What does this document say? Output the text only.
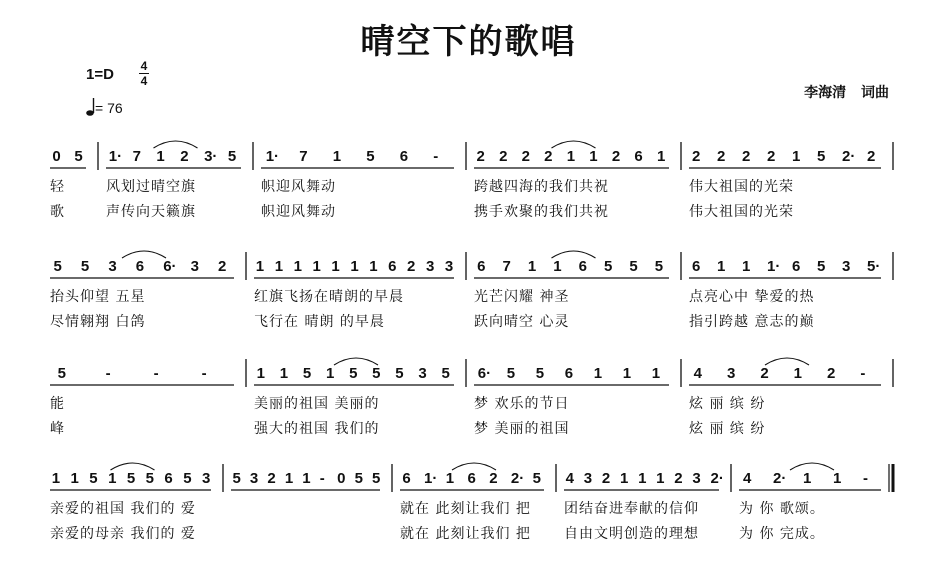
晴空下的歌唱
1=D 4
4
= 76
李海清 词曲
0 5 1· 7 1 2 3· 5 1· 7 1 5 6 -	2 2 2 2 1 1 2 6 1 2 2 2 2 1 5 2· 2
轻	风划过晴空旗	帜迎风舞动	跨越四海的我们共祝	伟大祖国的光荣
歌	声传向天籁旗	帜迎风舞动	携手欢聚的我们共祝	伟大祖国的光荣
5 5 3 6 6· 3 2 1 1 1 1 1 1 1 6 2 3 3 6 7 1 1 6 5 5 5 6 1 1 1· 6 5 3 5·
抬头仰望 五星	红旗飞扬在晴朗的早晨	光芒闪耀 神圣	点亮心中 挚爱的热
尽情翱翔 白鸽	飞行在 晴朗 的早晨	跃向晴空 心灵	指引跨越 意志的巅
5	-	-	-	1 1 5 1 5 5 5 3 5 6· 5 5 6 1 1 1 4 3 2 1 2 -
能	美丽的祖国 美丽的	梦 欢乐的节日	炫 丽 缤 纷
峰	强大的祖国 我们的	梦 美丽的祖国	炫 丽 缤 纷
1 1 5 1 5 5 6 5 3 5 3 2 1 1 - 0 5 5 6 1· 1 6 2 2· 5 4 3 2 1 1 1 2 3 2· 4 2· 1 1 -
亲爱的祖国 我们的 爱	就在 此刻让我们 把 团结奋进奉献的信仰	为 你 歌颂。
亲爱的母亲 我们的 爱	就在 此刻让我们 把 自由文明创造的理想	为 你 完成。
